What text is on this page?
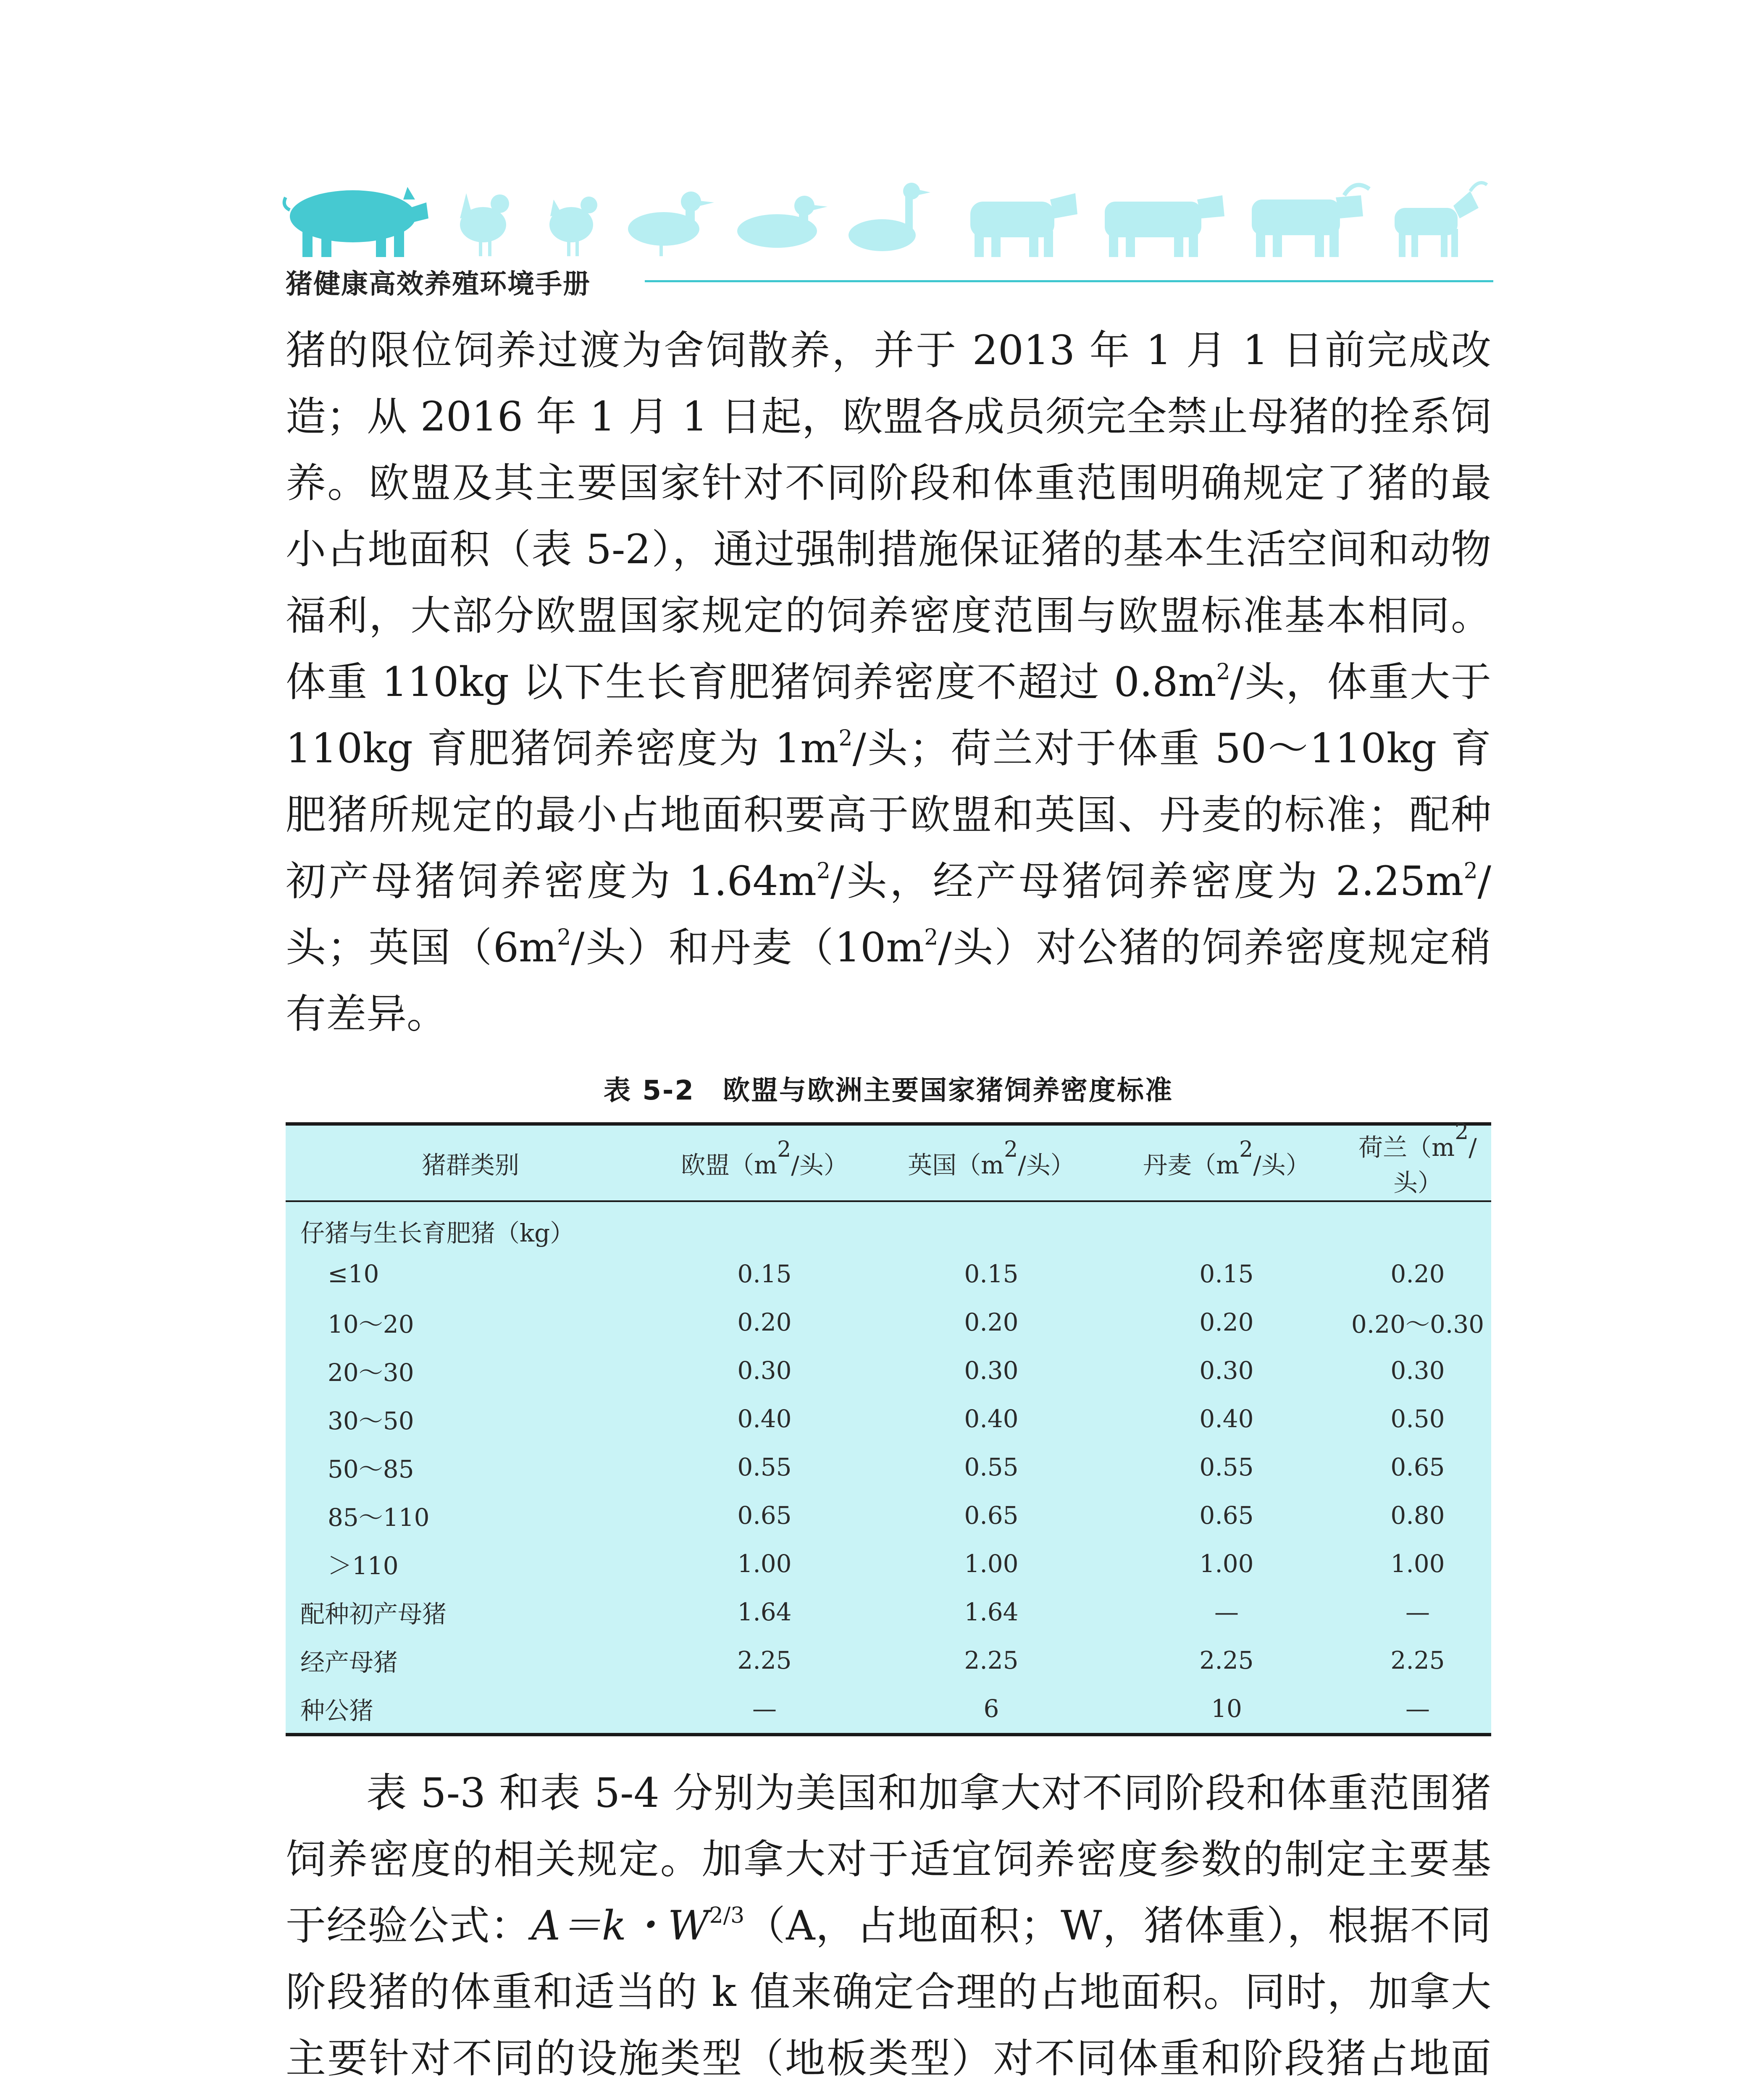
猪健康高效养殖环境手册
猪的限位饲养过渡为舍饲散养，并于 2013 年 1 月 1 日前完成改造；从 2016 年 1 月 1 日起，欧盟各成员须完全禁止母猪的拴系饲养。欧盟及其主要国家针对不同阶段和体重范围明确规定了猪的最小占地面积（表 5-2），通过强制措施保证猪的基本生活空间和动物福利，大部分欧盟国家规定的饲养密度范围与欧盟标准基本相同。体重 110kg 以下生长育肥猪饲养密度不超过 $0.8m^2/$头，体重大于 110kg 育肥猪饲养密度为 $1m^2/$头；荷兰对于体重 50～110kg 育肥猪所规定的最小占地面积要高于欧盟和英国、丹麦的标准；配种初产母猪饲养密度为 $1.64m^2/$头，经产母猪饲养密度为 $2.25m^2/$头；英国（$6m^2/$头）和丹麦（$10m^2/$头）对公猪的饲养密度规定稍有差异。
表 5-2　欧盟与欧洲主要国家猪饲养密度标准
猪群类别	欧盟（$m^2/$头）	英国（$m^2/$头）	丹麦（$m^2/$头）	荷兰（$m^2/$头）
仔猪与生长育肥猪（kg）				
≤10	0.15	0.15	0.15	0.20
10～20	0.20	0.20	0.20	0.20～0.30
20～30	0.30	0.30	0.30	0.30
30～50	0.40	0.40	0.40	0.50
50～85	0.55	0.55	0.55	0.65
85～110	0.65	0.65	0.65	0.80
＞110	1.00	1.00	1.00	1.00
配种初产母猪	1.64	1.64	—	—
经产母猪	2.25	2.25	2.25	2.25
种公猪	—	6	10	—
表 5-3 和表 5-4 分别为美国和加拿大对不同阶段和体重范围猪饲养密度的相关规定。加拿大对于适宜饲养密度参数的制定主要基于经验公式：A＝k・$W^{2/3}(A$，占地面积；W，猪体重），根据不同阶段猪的体重和适当的 k 值来确定合理的占地面积。同时，加拿大主要针对不同的设施类型（地板类型）对不同体重和阶段猪占地面
